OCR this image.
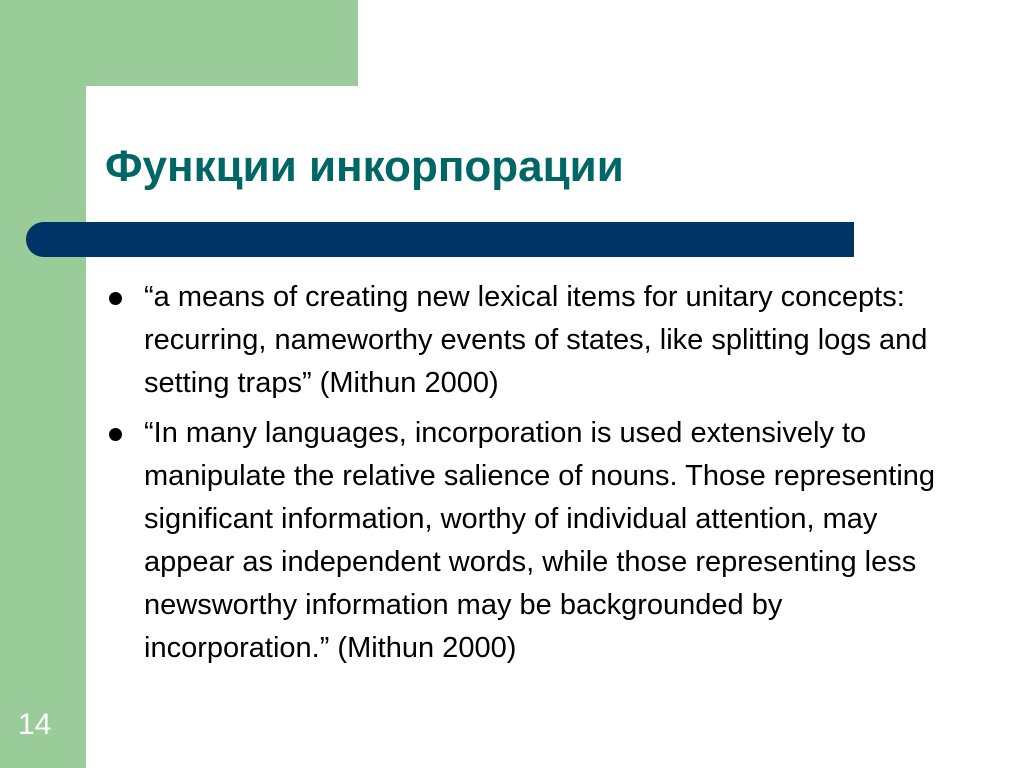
Функции инкорпорации
“a means of creating new lexical items for unitary concepts: recurring, nameworthy events of states, like splitting logs and setting traps” (Mithun 2000)
“In many languages, incorporation is used extensively to manipulate the relative salience of nouns. Those representing significant information, worthy of individual attention, may appear as independent words, while those representing less newsworthy information may be backgrounded by incorporation.” (Mithun 2000)
14
